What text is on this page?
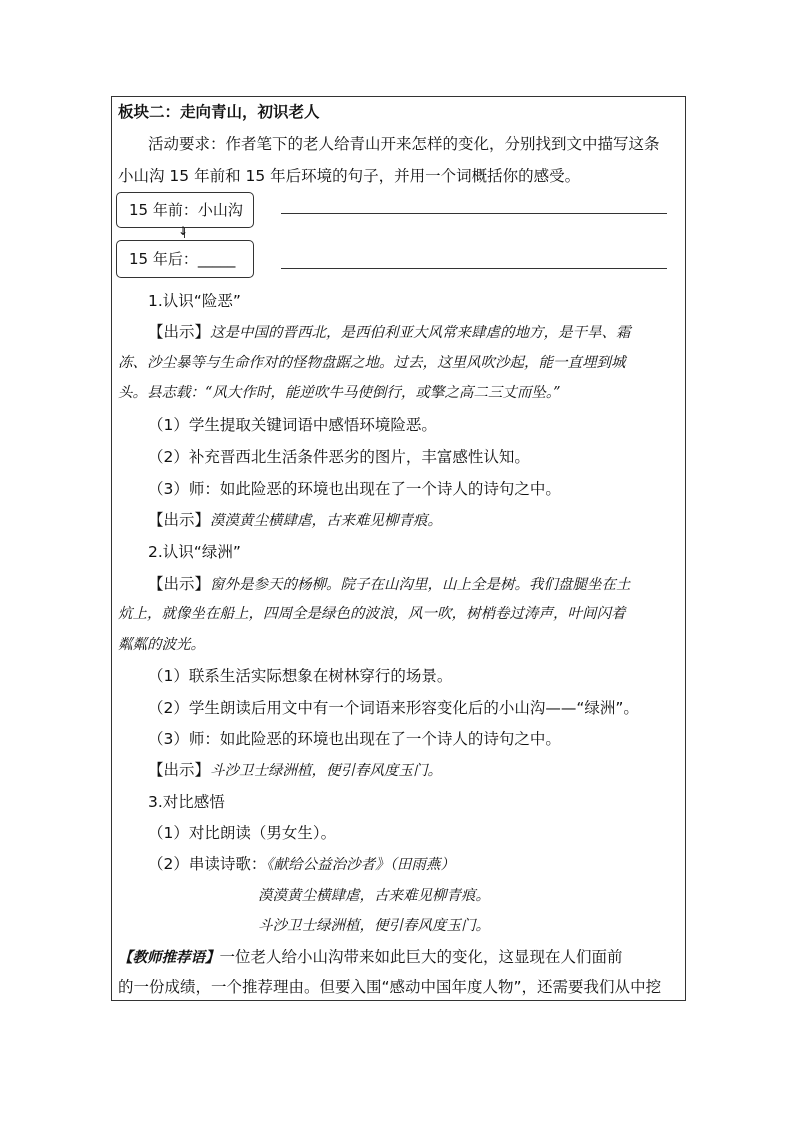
板块二：走向青山，初识老人
活动要求：作者笔下的老人给青山开来怎样的变化，分别找到文中描写这条
小山沟 15 年前和 15 年后环境的句子，并用一个词概括你的感受。
15 年前：小山沟
↓
15 年后：_____
1.认识“险恶”
【出示】这是中国的晋西北，是西伯利亚大风常来肆虐的地方，是干旱、霜
冻、沙尘暴等与生命作对的怪物盘踞之地。过去，这里风吹沙起，能一直埋到城
头。县志载：“风大作时，能逆吹牛马使倒行，或擎之高二三丈而坠。”
（1）学生提取关键词语中感悟环境险恶。
（2）补充晋西北生活条件恶劣的图片，丰富感性认知。
（3）师：如此险恶的环境也出现在了一个诗人的诗句之中。
【出示】漠漠黄尘横肆虐，古来难见柳青痕。
2.认识“绿洲”
【出示】窗外是参天的杨柳。院子在山沟里，山上全是树。我们盘腿坐在土
炕上，就像坐在船上，四周全是绿色的波浪，风一吹，树梢卷过涛声，叶间闪着
粼粼的波光。
（1）联系生活实际想象在树林穿行的场景。
（2）学生朗读后用文中有一个词语来形容变化后的小山沟——“绿洲”。
（3）师：如此险恶的环境也出现在了一个诗人的诗句之中。
【出示】斗沙卫士绿洲植，便引春风度玉门。
3.对比感悟
（1）对比朗读（男女生）。
（2）串读诗歌：《献给公益治沙者》（田雨燕）
漠漠黄尘横肆虐，古来难见柳青痕。
斗沙卫士绿洲植，便引春风度玉门。
【教师推荐语】一位老人给小山沟带来如此巨大的变化，这显现在人们面前
的一份成绩，一个推荐理由。但要入围“感动中国年度人物”，还需要我们从中挖
